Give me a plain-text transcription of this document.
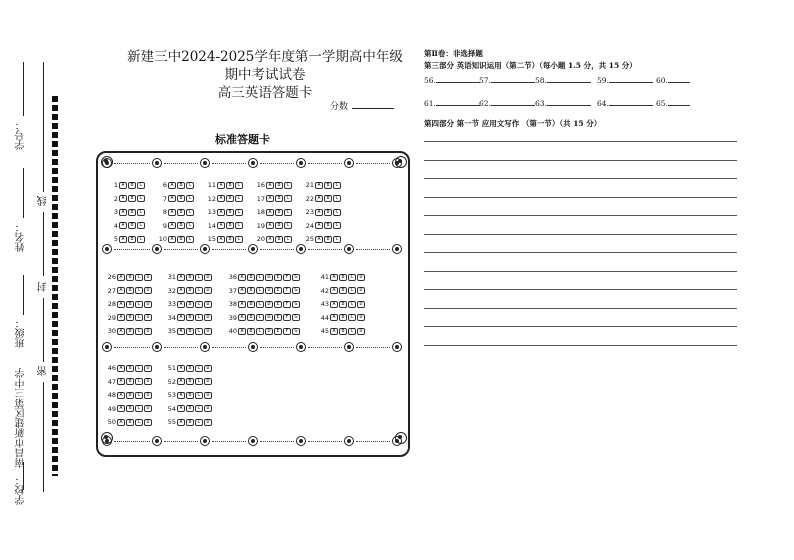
学号：
姓名：
班级：
南昌市新建区第三中学
学校：
线
封
密
新建三中2024-2025学年度第一学期高中年级
期中考试试卷
高三英语答题卡
分数
标准答题卡
1 A	B	C
2 A	B	C
3 A	B	C
4 A	B	C
5 A	B	C
6 A	B	C
7 A	B	C
8 A	B	C
9 A	B	C
10 A	B	C
11 A	B	C
12 A	B	C
13 A	B	C
14 A	B	C
15 A	B	C
16 A	B	C
17 A	B	C
18 A	B	C
19 A	B	C
20 A	B	C
21 A	B	C
22 A	B	C
23 A	B	C
24 A	B	C
25 A	B	C
26 A	B	C	D
27 A	B	C	D
28 A	B	C	D
29 A	B	C	D
30 A	B	C	D
31 A	B	C	D
32 A	B	C	D
33 A	B	C	D
34 A	B	C	D
35 A	B	C	D
36 A	B	C	D	E	F	G
37 A	B	C	D	E	F	G
38 A	B	C	D	E	F	G
39 A	B	C	D	E	F	G
40 A	B	C	D	E	F	G
41 A	B	C	D
42 A	B	C	D
43 A	B	C	D
44 A	B	C	D
45 A	B	C	D
46 A	B	C	D
47 A	B	C	D
48 A	B	C	D
49 A	B	C	D
50 A	B	C	D
51 A	B	C	D
52 A	B	C	D
53 A	B	C	D
54 A	B	C	D
55 A	B	C	D
第Ⅱ卷：非选择题
第三部分 英语知识运用（第二节）（每小题 1.5 分，共 15 分）
56.	57.	58.	59.	60.
61.	62.	63.	64.	65.
第四部分 第一节 应用文写作 （第一节）（共 15 分）
